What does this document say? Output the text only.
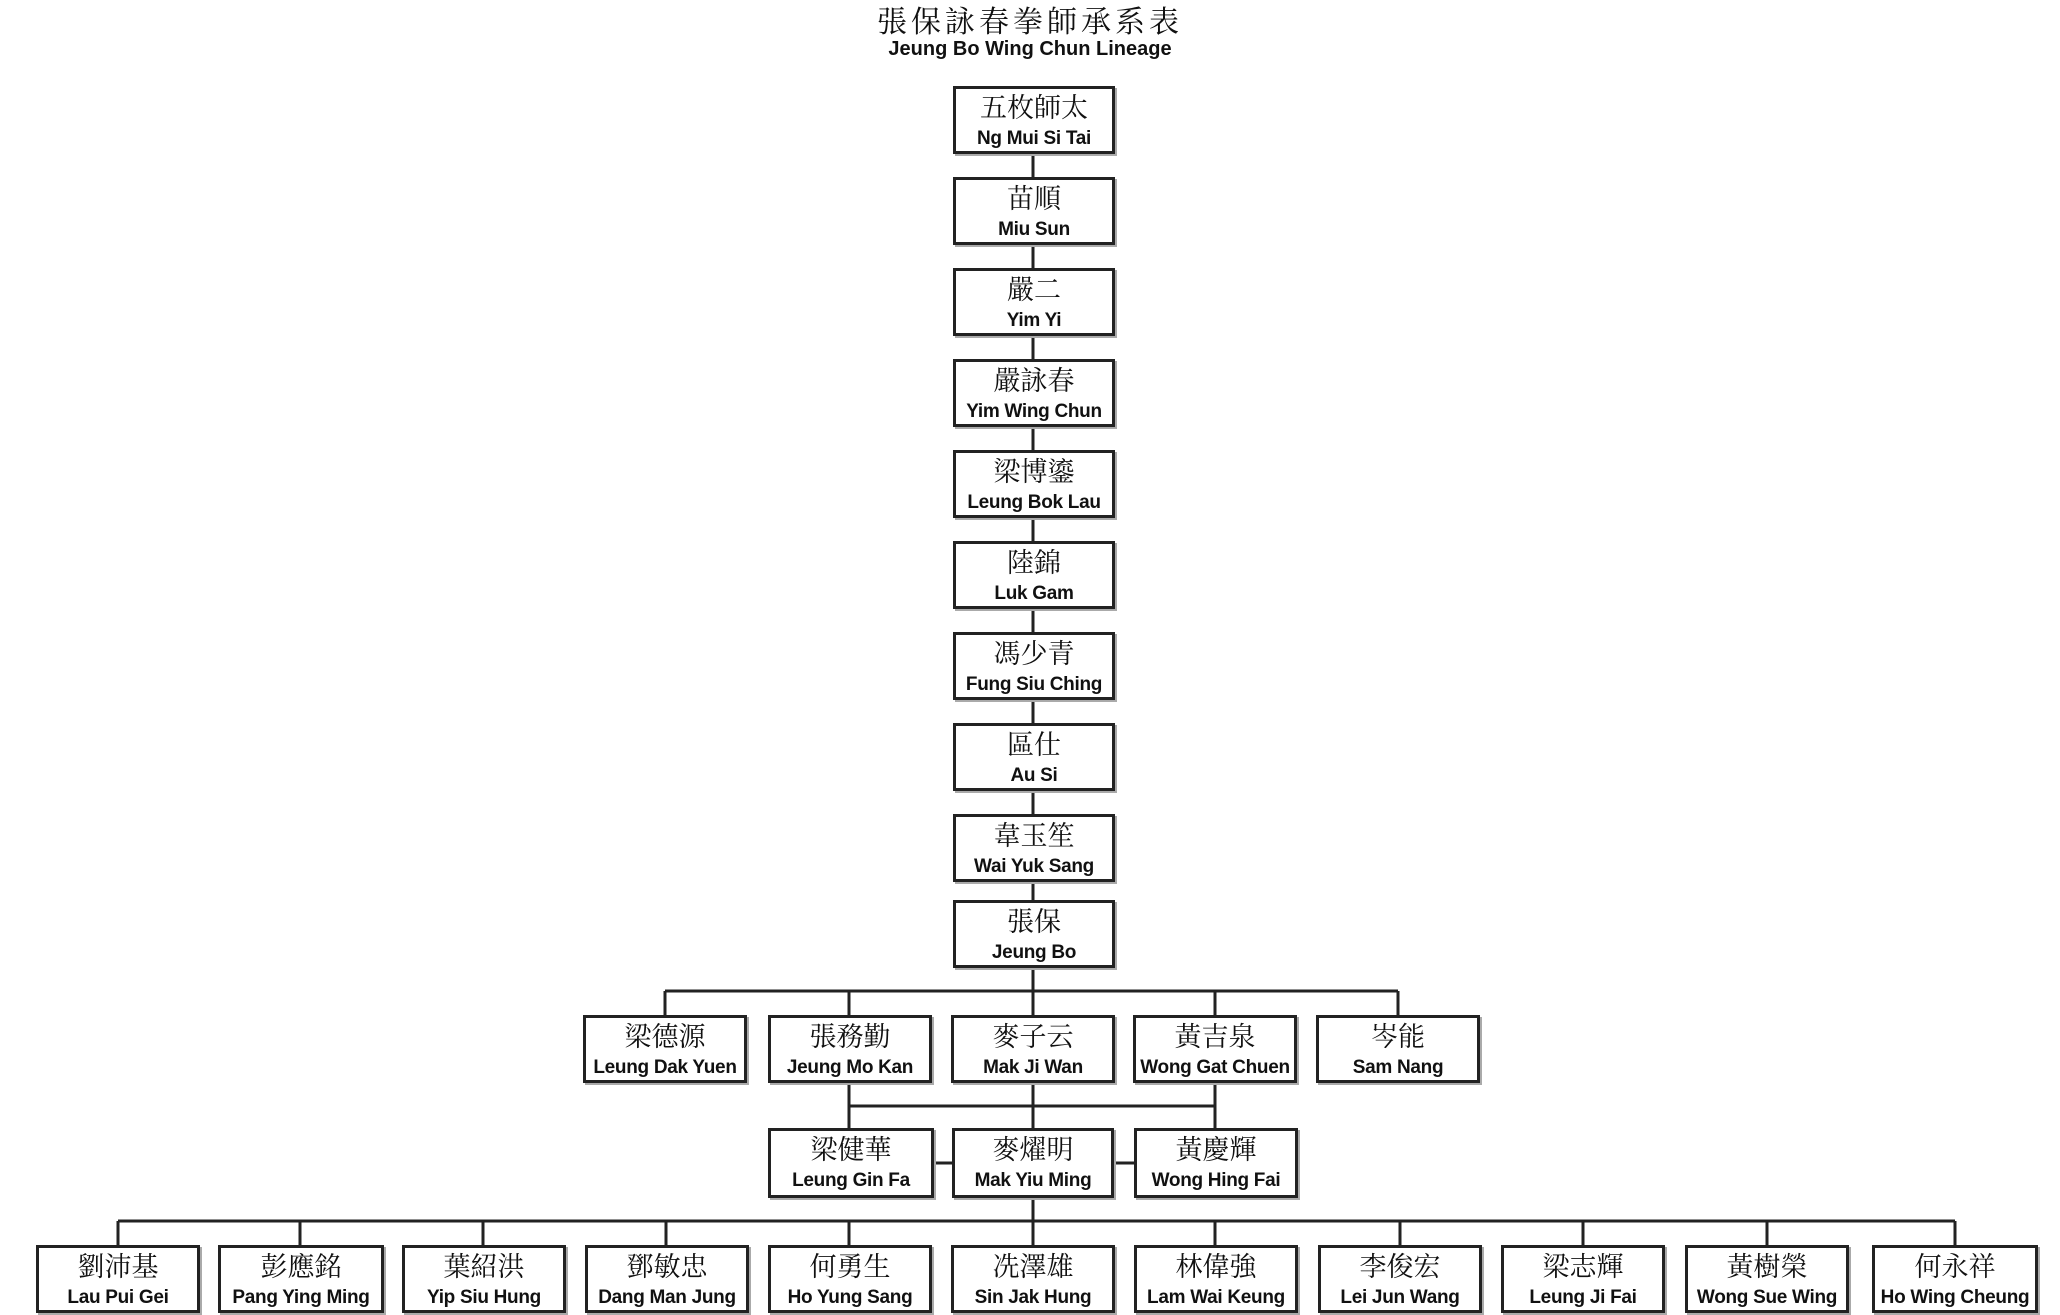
張保詠春拳師承系表
Jeung Bo Wing Chun Lineage
五枚師太
Ng Mui Si Tai
苗順
Miu Sun
嚴二
Yim Yi
嚴詠春
Yim Wing Chun
梁博鎏
Leung Bok Lau
陸錦
Luk Gam
馮少青
Fung Siu Ching
區仕
Au Si
韋玉笙
Wai Yuk Sang
張保
Jeung Bo
梁德源
Leung Dak Yuen
張務勤
Jeung Mo Kan
麥子云
Mak Ji Wan
黃吉泉
Wong Gat Chuen
岑能
Sam Nang
梁健華
Leung Gin Fa
麥燿明
Mak Yiu Ming
黃慶輝
Wong Hing Fai
劉沛基
Lau Pui Gei
彭應銘
Pang Ying Ming
葉紹洪
Yip Siu Hung
鄧敏忠
Dang Man Jung
何勇生
Ho Yung Sang
冼澤雄
Sin Jak Hung
林偉強
Lam Wai Keung
李俊宏
Lei Jun Wang
梁志輝
Leung Ji Fai
黃樹榮
Wong Sue Wing
何永祥
Ho Wing Cheung
